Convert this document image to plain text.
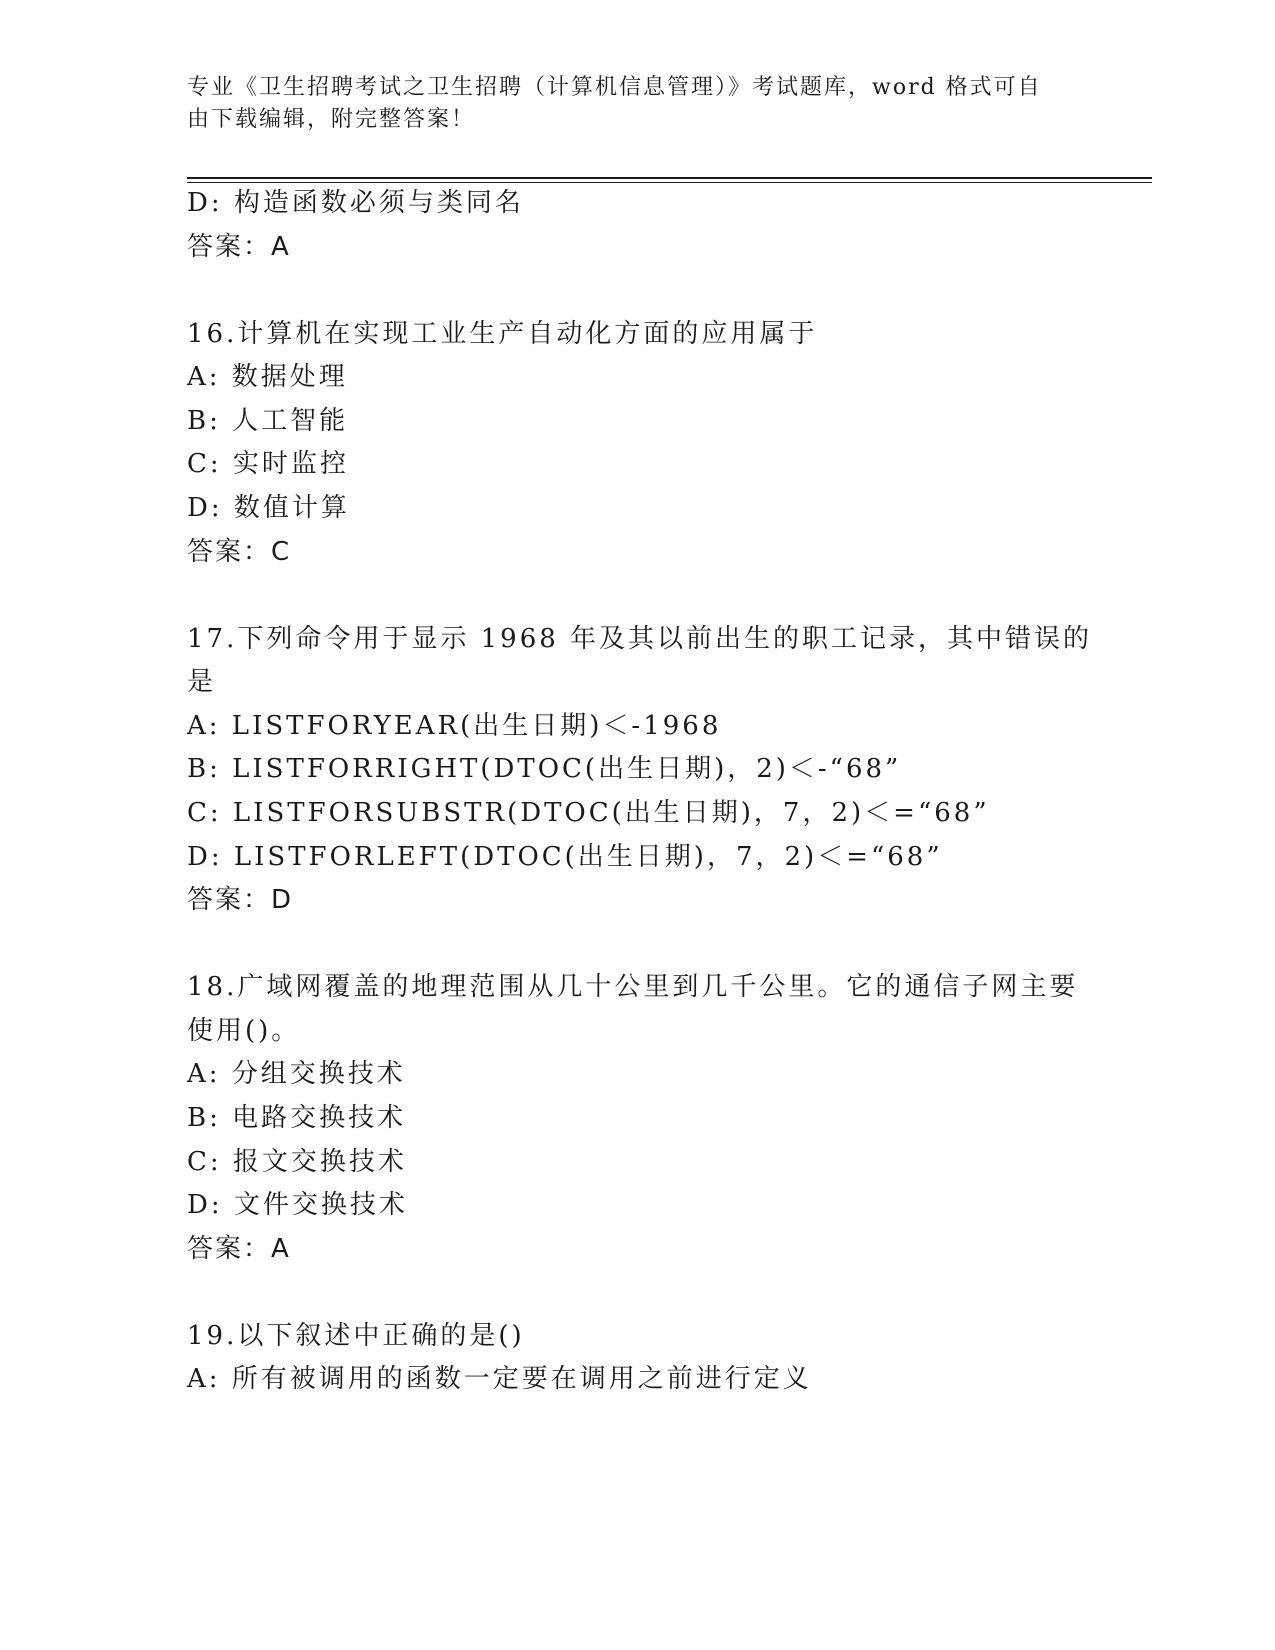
专业《卫生招聘考试之卫生招聘（计算机信息管理）》考试题库，word 格式可自
由下载编辑，附完整答案！
D: 构造函数必须与类同名
答案：A
16.计算机在实现工业生产自动化方面的应用属于
A: 数据处理
B: 人工智能
C: 实时监控
D: 数值计算
答案：C
17.下列命令用于显示 1968 年及其以前出生的职工记录，其中错误的
是
A: LISTFORYEAR(出生日期)＜-1968
B: LISTFORRIGHT(DTOC(出生日期)，2)＜-“68”
C: LISTFORSUBSTR(DTOC(出生日期)，7，2)＜=“68”
D: LISTFORLEFT(DTOC(出生日期)，7，2)＜=“68”
答案：D
18.广域网覆盖的地理范围从几十公里到几千公里。它的通信子网主要
使用()。
A: 分组交换技术
B: 电路交换技术
C: 报文交换技术
D: 文件交换技术
答案：A
19.以下叙述中正确的是()
A: 所有被调用的函数一定要在调用之前进行定义
